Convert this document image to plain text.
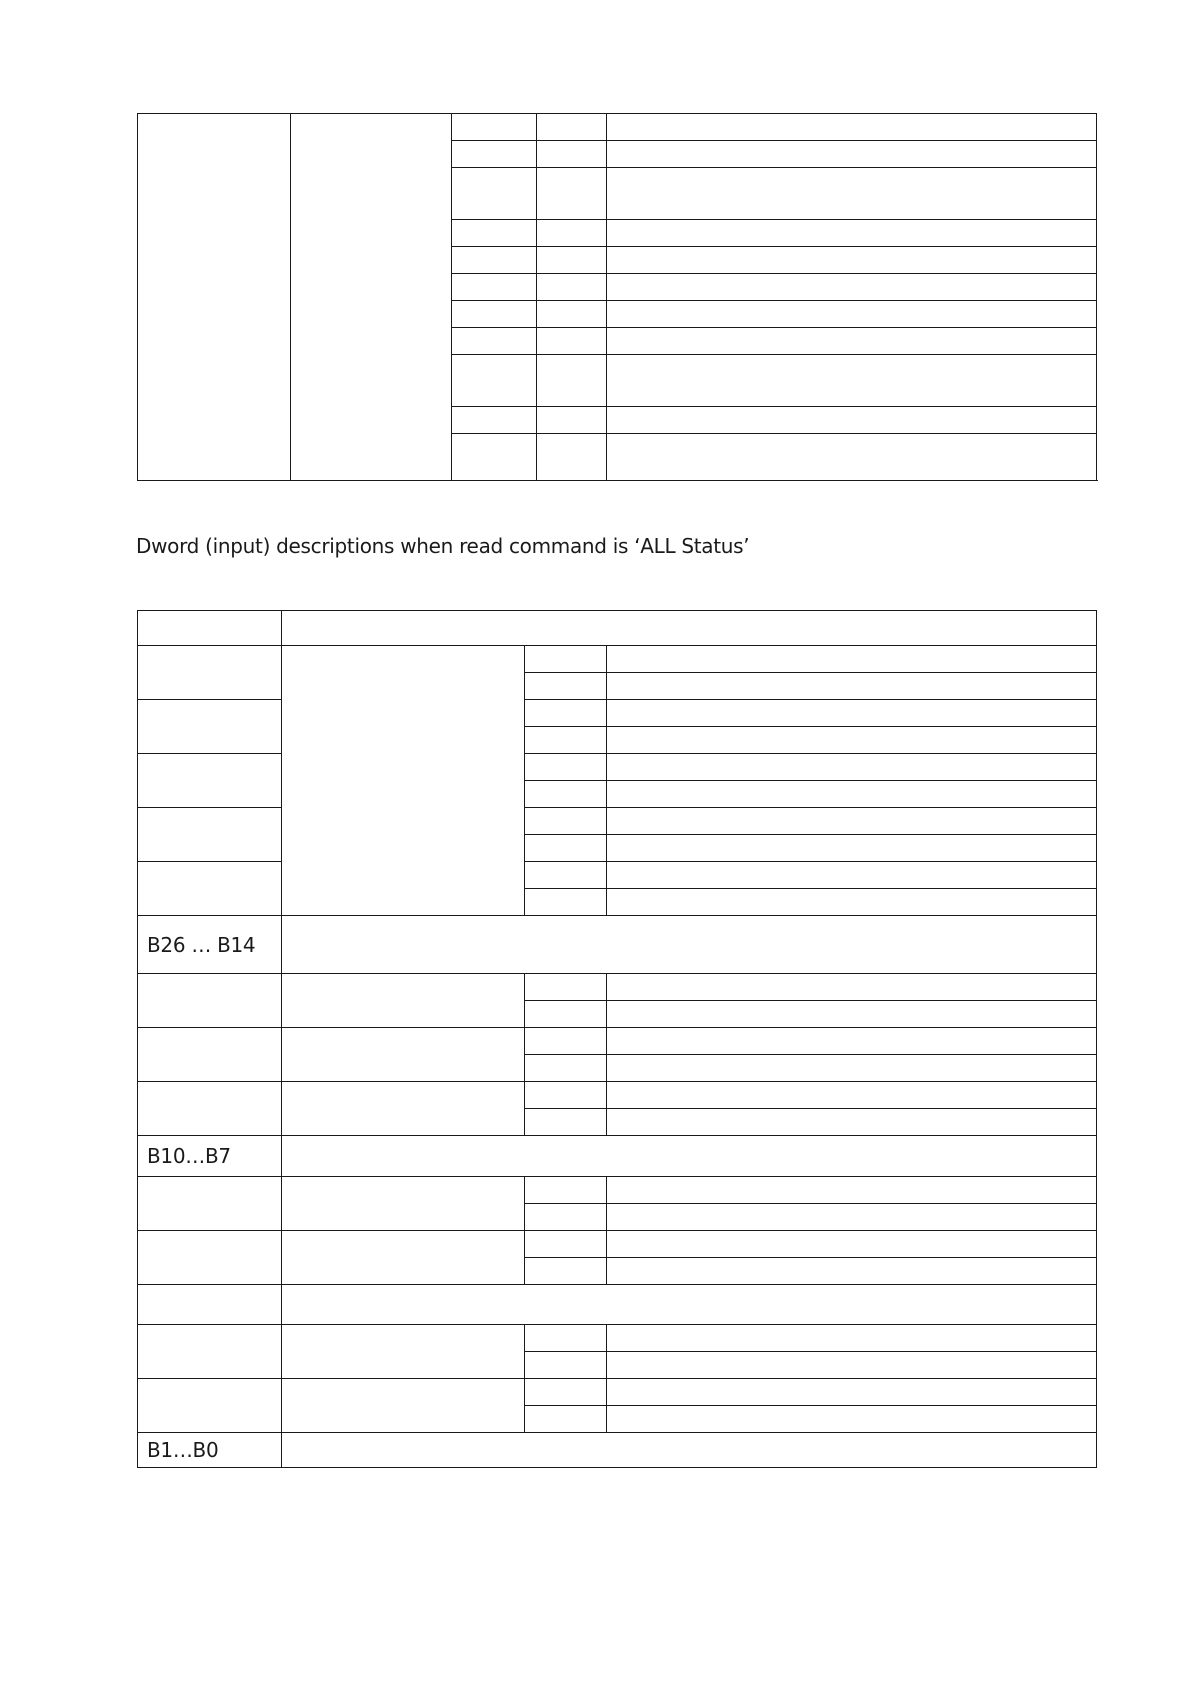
Dword (input) descriptions when read command is ‘ALL Status’

B26 … B14			

B10…B7			

B1…B0			
